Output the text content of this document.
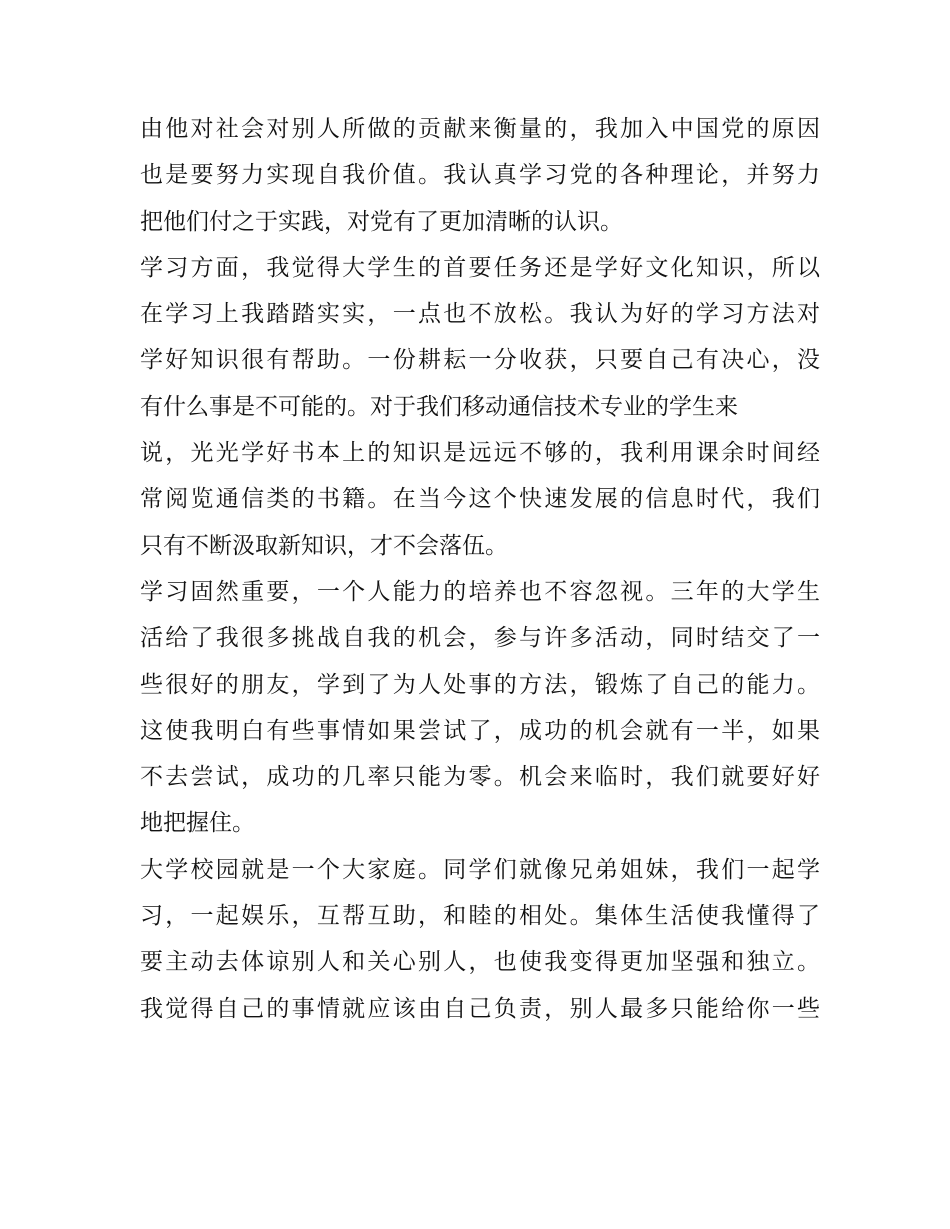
由他对社会对别人所做的贡献来衡量的，我加入中国党的原因
也是要努力实现自我价值。我认真学习党的各种理论，并努力
把他们付之于实践，对党有了更加清晰的认识。
学习方面，我觉得大学生的首要任务还是学好文化知识，所以
在学习上我踏踏实实，一点也不放松。我认为好的学习方法对
学好知识很有帮助。一份耕耘一分收获，只要自己有决心，没
有什么事是不可能的。对于我们移动通信技术专业的学生来
说，光光学好书本上的知识是远远不够的，我利用课余时间经
常阅览通信类的书籍。在当今这个快速发展的信息时代，我们
只有不断汲取新知识，才不会落伍。
学习固然重要，一个人能力的培养也不容忽视。三年的大学生
活给了我很多挑战自我的机会，参与许多活动，同时结交了一
些很好的朋友，学到了为人处事的方法，锻炼了自己的能力。
这使我明白有些事情如果尝试了，成功的机会就有一半，如果
不去尝试，成功的几率只能为零。机会来临时，我们就要好好
地把握住。
大学校园就是一个大家庭。同学们就像兄弟姐妹，我们一起学
习，一起娱乐，互帮互助，和睦的相处。集体生活使我懂得了
要主动去体谅别人和关心别人，也使我变得更加坚强和独立。
我觉得自己的事情就应该由自己负责，别人最多只能给你一些
